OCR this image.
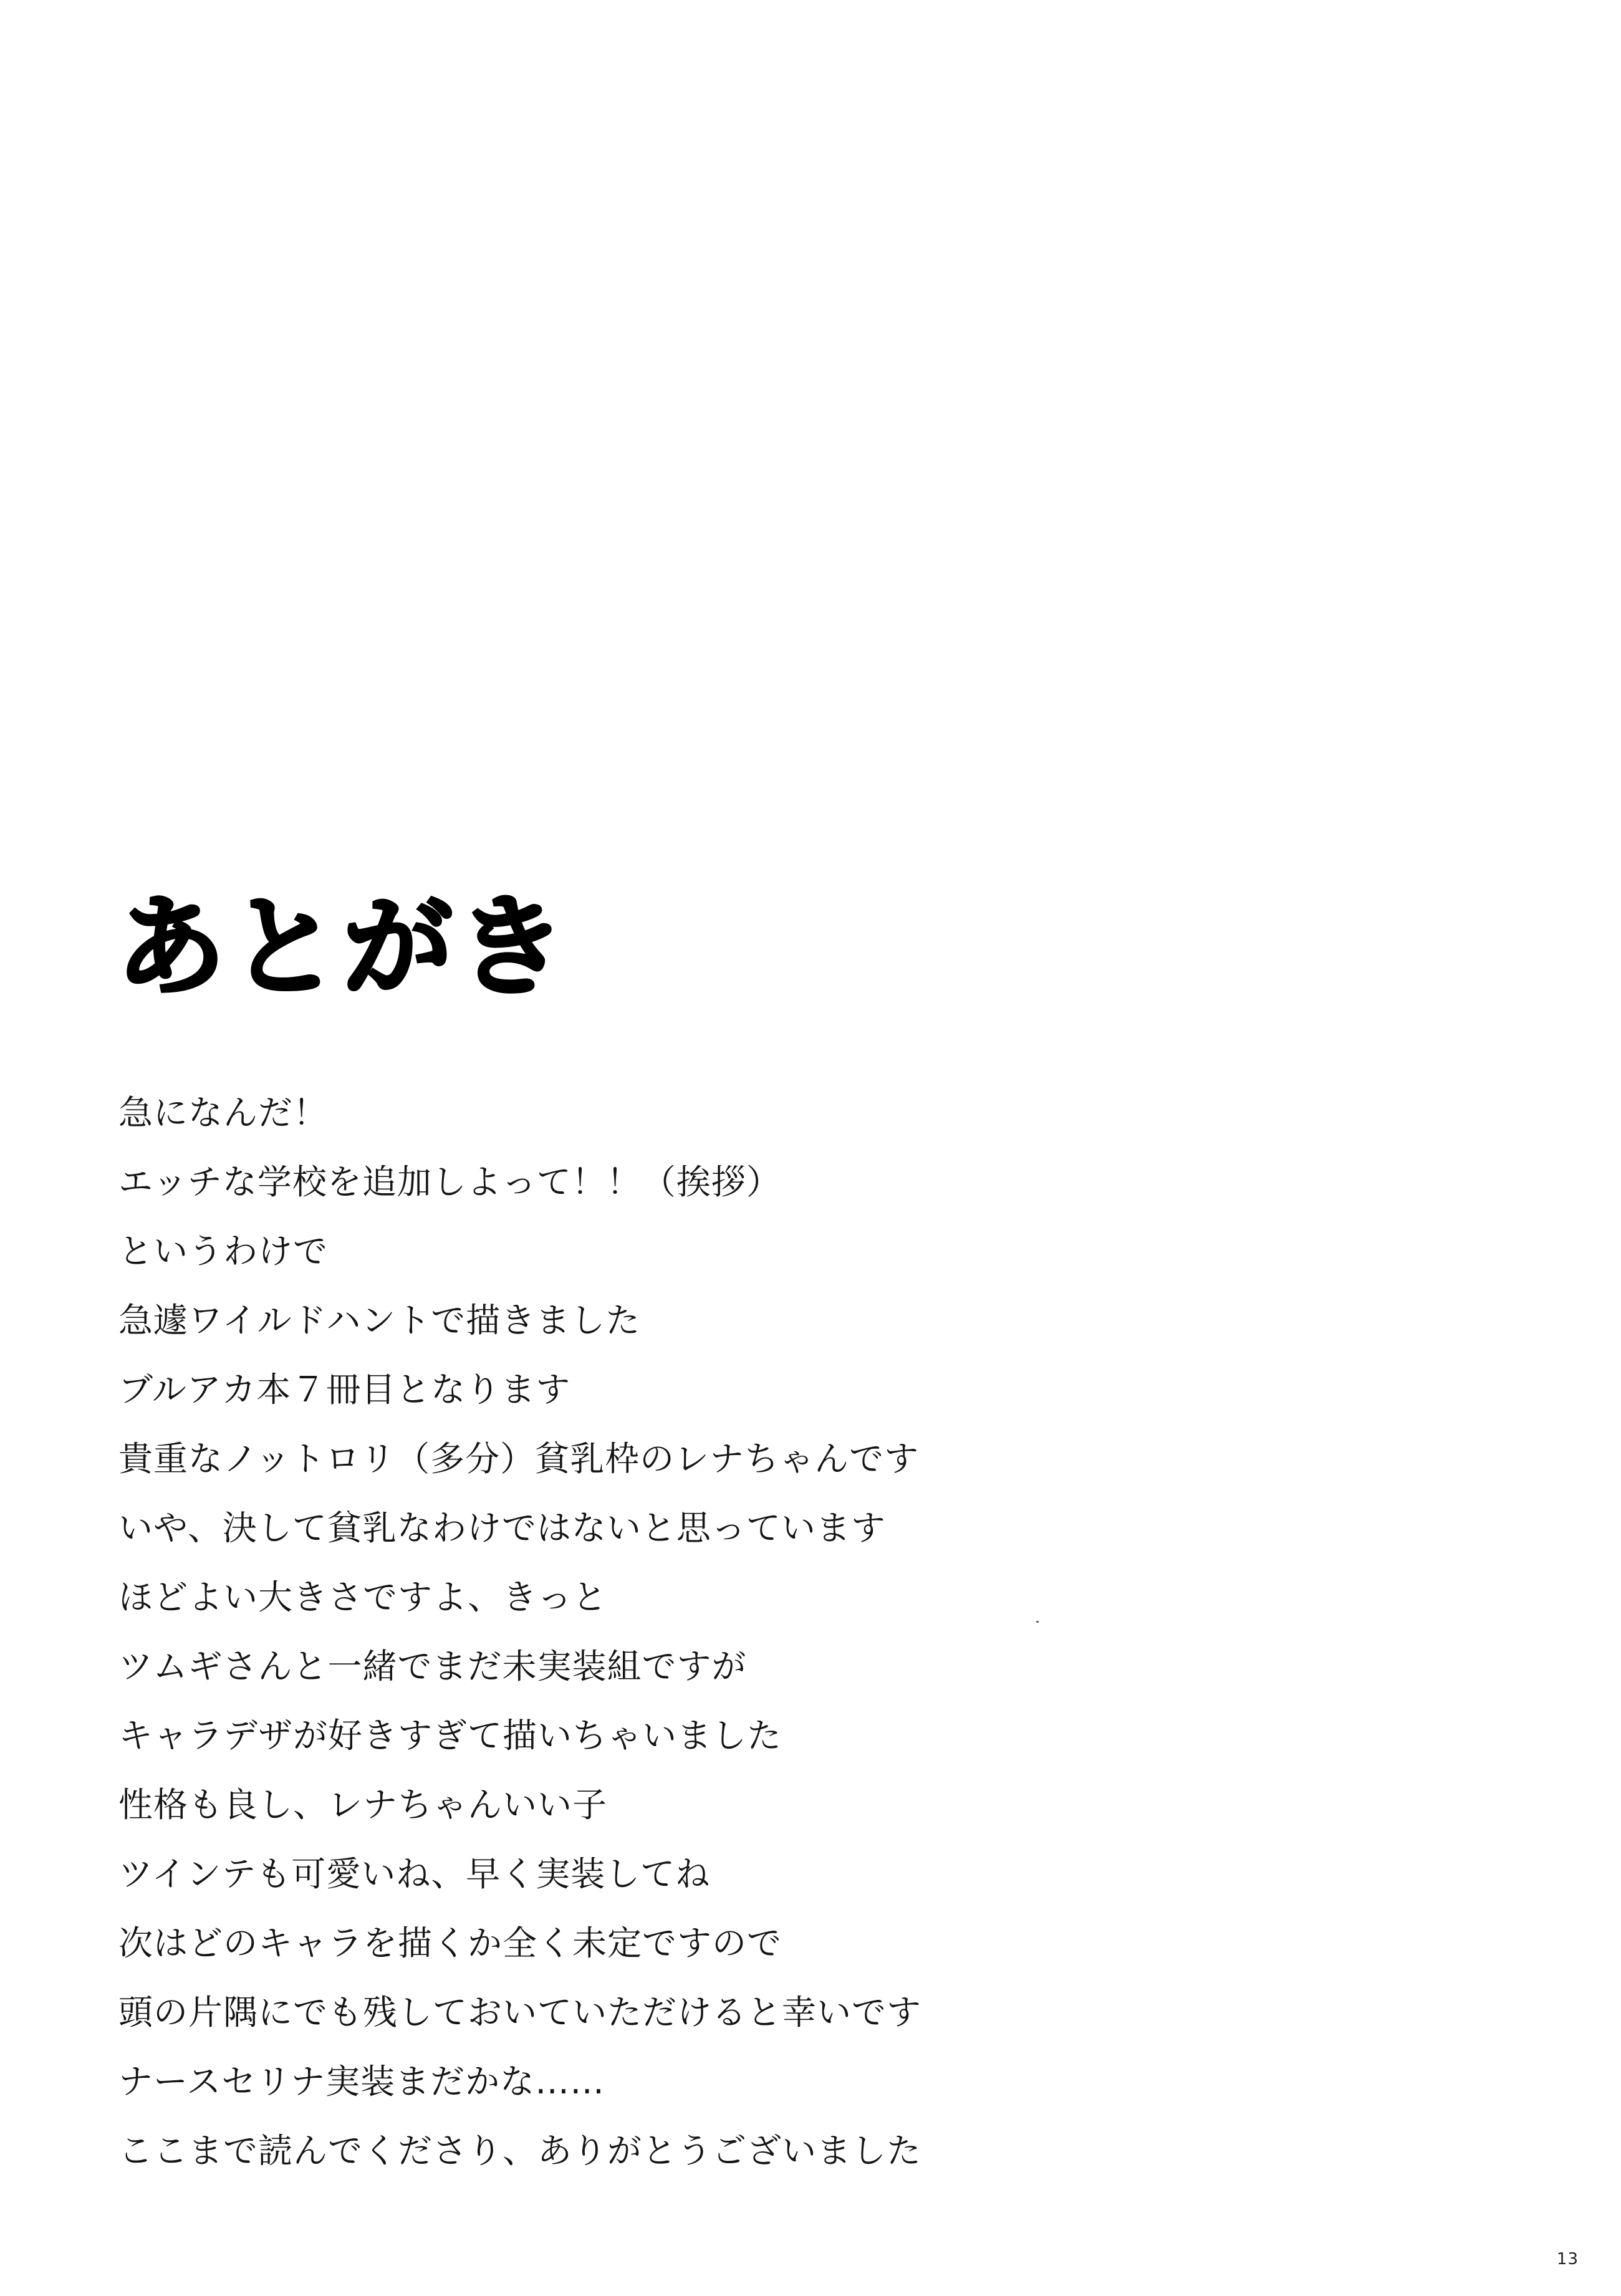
あとがき
急になんだ！
エッチな学校を追加しよって！！（挨拶）
というわけで
急遽ワイルドハントで描きました
ブルアカ本７冊目となります
貴重なノットロリ（多分）貧乳枠のレナちゃんです
いや、決して貧乳なわけではないと思っています
ほどよい大きさですよ、きっと
ツムギさんと一緒でまだ未実装組ですが
キャラデザが好きすぎて描いちゃいました
性格も良し、レナちゃんいい子
ツインテも可愛いね、早く実装してね
次はどのキャラを描くか全く未定ですので
頭の片隅にでも残しておいていただけると幸いです
ナースセリナ実装まだかな……
ここまで読んでくださり、ありがとうございました
13
